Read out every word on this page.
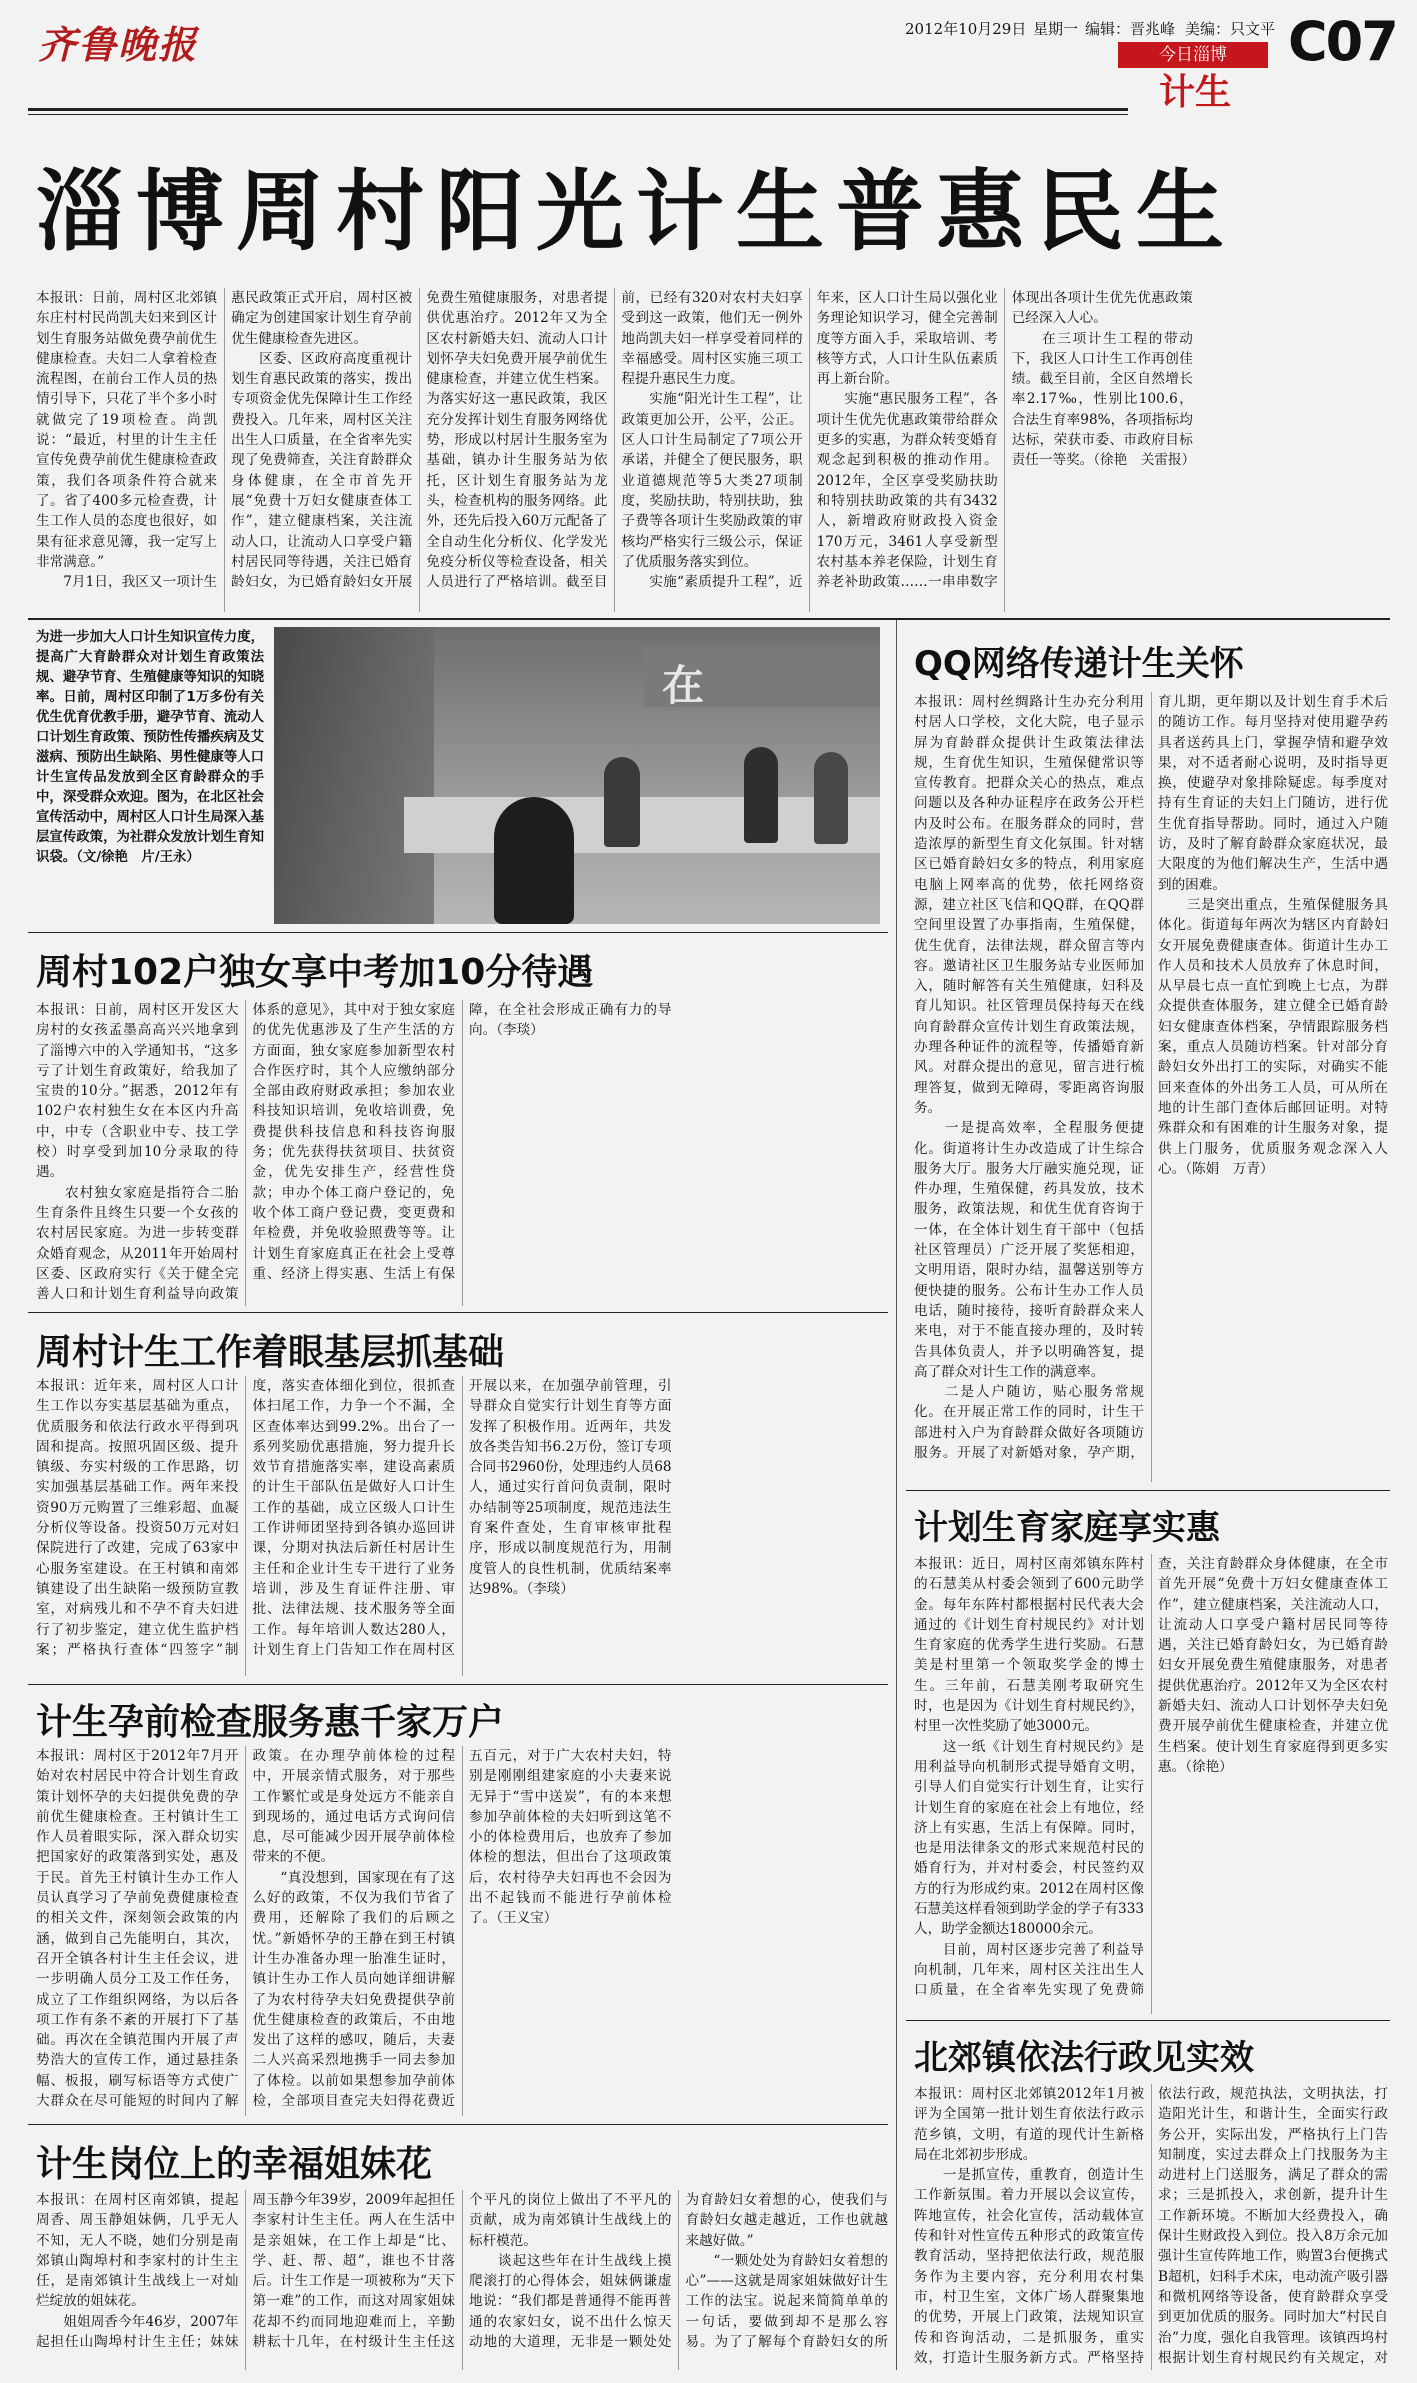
齐鲁晚报	2012年10月29日 星期一 编辑：晋兆峰 美编：只文平
今日淄博
计生
C07
淄博周村阳光计生普惠民生
本报讯：日前，周村区北郊镇东庄村村民尚凯夫妇来到区计划生育服务站做免费孕前优生健康检查。夫妇二人拿着检查流程图，在前台工作人员的热情引导下，只花了半个多小时就做完了19项检查。尚凯说：“最近，村里的计生主任宣传免费孕前优生健康检查政策，我们各项条件符合就来了。省了400多元检查费，计生工作人员的态度也很好，如果有征求意见簿，我一定写上非常满意。”
　　7月1日，我区又一项计生惠民政策正式开启，周村区被确定为创建国家计划生育孕前优生健康检查先进区。
　　区委、区政府高度重视计划生育惠民政策的落实，拨出专项资金优先保障计生工作经费投入。几年来，周村区关注出生人口质量，在全省率先实现了免费筛查，关注育龄群众身体健康，在全市首先开展“免费十万妇女健康查体工作”，建立健康档案，关注流动人口，让流动人口享受户籍村居民同等待遇，关注已婚育龄妇女，为已婚育龄妇女开展免费生殖健康服务，对患者提供优惠治疗。2012年又为全区农村新婚夫妇、流动人口计划怀孕夫妇免费开展孕前优生健康检查，并建立优生档案。为落实好这一惠民政策，我区充分发挥计划生育服务网络优势，形成以村居计生服务室为基础，镇办计生服务站为依托，区计划生育服务站为龙头，检查机构的服务网络。此外，还先后投入60万元配备了全自动生化分析仪、化学发光免疫分析仪等检查设备，相关人员进行了严格培训。截至目前，已经有320对农村夫妇享受到这一政策，他们无一例外地尚凯夫妇一样享受着同样的幸福感受。周村区实施三项工程提升惠民生力度。
　　实施“阳光计生工程”，让政策更加公开，公平，公正。区人口计生局制定了7项公开承诺，并健全了便民服务，职业道德规范等5大类27项制度，奖励扶助，特别扶助，独子费等各项计生奖励政策的审核均严格实行三级公示，保证了优质服务落实到位。
　　实施“素质提升工程”，近年来，区人口计生局以强化业务理论知识学习，健全完善制度等方面入手，采取培训、考核等方式，人口计生队伍素质再上新台阶。
　　实施“惠民服务工程”，各项计生优先优惠政策带给群众更多的实惠，为群众转变婚育观念起到积极的推动作用。2012年，全区享受奖励扶助和特别扶助政策的共有3432人，新增政府财政投入资金170万元，3461人享受新型农村基本养老保险，计划生育养老补助政策……一串串数字体现出各项计生优先优惠政策已经深入人心。
　　在三项计生工程的带动下，我区人口计生工作再创佳绩。截至目前，全区自然增长率2.17‰，性别比100.6，合法生育率98%，各项指标均达标，荣获市委、市政府目标责任一等奖。（徐艳　关雷报）
为进一步加大人口计生知识宣传力度，提高广大育龄群众对计划生育政策法规、避孕节育、生殖健康等知识的知晓率。日前，周村区印制了1万多份有关优生优育优教手册，避孕节育、流动人口计划生育政策、预防性传播疾病及艾滋病、预防出生缺陷、男性健康等人口计生宣传品发放到全区育龄群众的手中，深受群众欢迎。图为，在北区社会宣传活动中，周村区人口计生局深入基层宣传政策，为社群众发放计划生育知识袋。（文/徐艳　片/王永）
在
周村102户独女享中考加10分待遇
本报讯：日前，周村区开发区大房村的女孩孟墨高高兴兴地拿到了淄博六中的入学通知书，“这多亏了计划生育政策好，给我加了宝贵的10分。”据悉，2012年有102户农村独生女在本区内升高中，中专（含职业中专、技工学校）时享受到加10分录取的待遇。
　　农村独女家庭是指符合二胎生育条件且终生只要一个女孩的农村居民家庭。为进一步转变群众婚育观念，从2011年开始周村区委、区政府实行《关于健全完善人口和计划生育利益导向政策体系的意见》，其中对于独女家庭的优先优惠涉及了生产生活的方方面面，独女家庭参加新型农村合作医疗时，其个人应缴纳部分全部由政府财政承担；参加农业科技知识培训，免收培训费，免费提供科技信息和科技咨询服务；优先获得扶贫项目、扶贫资金，优先安排生产，经营性贷款；申办个体工商户登记的，免收个体工商户登记费，变更费和年检费，并免收验照费等等。让计划生育家庭真正在社会上受尊重、经济上得实惠、生活上有保障，在全社会形成正确有力的导向。（李琰）
周村计生工作着眼基层抓基础
本报讯：近年来，周村区人口计生工作以夯实基层基础为重点，优质服务和依法行政水平得到巩固和提高。按照巩固区级、提升镇级、夯实村级的工作思路，切实加强基层基础工作。两年来投资90万元购置了三维彩超、血凝分析仪等设备。投资50万元对妇保院进行了改建，完成了63家中心服务室建设。在王村镇和南郊镇建设了出生缺陷一级预防宣教室，对病残儿和不孕不育夫妇进行了初步鉴定，建立优生监护档案；严格执行查体“四签字”制度，落实查体细化到位，很抓查体扫尾工作，力争一个不漏，全区查体率达到99.2%。出台了一系列奖励优惠措施，努力提升长效节育措施落实率，建设高素质的计生干部队伍是做好人口计生工作的基础，成立区级人口计生工作讲师团坚持到各镇办巡回讲课，分期对执法后新任村居计生主任和企业计生专干进行了业务培训，涉及生育证件注册、审批、法律法规、技术服务等全面工作。每年培训人数达280人，计划生育上门告知工作在周村区开展以来，在加强孕前管理，引导群众自觉实行计划生育等方面发挥了积极作用。近两年，共发放各类告知书6.2万份，签订专项合同书2960份，处理违约人员68人，通过实行首问负责制，限时办结制等25项制度，规范违法生育案件查处，生育审核审批程序，形成以制度规范行为，用制度管人的良性机制，优质结案率达98%。（李琰）
计生孕前检查服务惠千家万户
本报讯：周村区于2012年7月开始对农村居民中符合计划生育政策计划怀孕的夫妇提供免费的孕前优生健康检查。王村镇计生工作人员着眼实际，深入群众切实把国家好的政策落到实处，惠及于民。首先王村镇计生办工作人员认真学习了孕前免费健康检查的相关文件，深刻领会政策的内涵，做到自己先能明白，其次，召开全镇各村计生主任会议，进一步明确人员分工及工作任务，成立了工作组织网络，为以后各项工作有条不紊的开展打下了基础。再次在全镇范围内开展了声势浩大的宣传工作，通过悬挂条幅、板报，刷写标语等方式使广大群众在尽可能短的时间内了解政策。在办理孕前体检的过程中，开展亲情式服务，对于那些工作繁忙或是身处远方不能亲自到现场的，通过电话方式询问信息，尽可能减少因开展孕前体检带来的不便。
　　“真没想到，国家现在有了这么好的政策，不仅为我们节省了费用，还解除了我们的后顾之忧。”新婚怀孕的王静在到王村镇计生办准备办理一胎准生证时，镇计生办工作人员向她详细讲解了为农村待孕夫妇免费提供孕前优生健康检查的政策后，不由地发出了这样的感叹，随后，夫妻二人兴高采烈地携手一同去参加了体检。以前如果想参加孕前体检，全部项目查完夫妇得花费近五百元，对于广大农村夫妇，特别是刚刚组建家庭的小夫妻来说无异于“雪中送炭”，有的本来想参加孕前体检的夫妇听到这笔不小的体检费用后，也放弃了参加体检的想法，但出台了这项政策后，农村待孕夫妇再也不会因为出不起钱而不能进行孕前体检了。（王义宝）
计生岗位上的幸福姐妹花
本报讯：在周村区南郊镇，提起周香、周玉静姐妹俩，几乎无人不知，无人不晓，她们分别是南郊镇山陶埠村和李家村的计生主任，是南郊镇计生战线上一对灿烂绽放的姐妹花。
　　姐姐周香今年46岁，2007年起担任山陶埠村计生主任；妹妹周玉静今年39岁，2009年起担任李家村计生主任。两人在生活中是亲姐妹，在工作上却是“比、学、赶、帮、超”，谁也不甘落后。计生工作是一项被称为“天下第一难”的工作，而这对周家姐妹花却不约而同地迎难而上，辛勤耕耘十几年，在村级计生主任这个平凡的岗位上做出了不平凡的贡献，成为南郊镇计生战线上的标杆模范。
　　谈起这些年在计生战线上摸爬滚打的心得体会，姐妹俩谦虚地说：“我们都是普通得不能再普通的农家妇女，说不出什么惊天动地的大道理，无非是一颗处处为育龄妇女着想的心，使我们与育龄妇女越走越近，工作也就越来越好做。”
　　“一颗处处为育龄妇女着想的心”——这就是周家姐妹做好计生工作的法宝。说起来简简单单的一句话，要做到却不是那么容易。为了了解每个育龄妇女的所

QQ网络传递计生关怀
本报讯：周村丝绸路计生办充分利用村居人口学校，文化大院，电子显示屏为育龄群众提供计生政策法律法规，生育优生知识，生殖保健常识等宣传教育。把群众关心的热点，难点问题以及各种办证程序在政务公开栏内及时公布。在服务群众的同时，营造浓厚的新型生育文化氛围。针对辖区已婚育龄妇女多的特点，利用家庭电脑上网率高的优势，依托网络资源，建立社区飞信和QQ群，在QQ群空间里设置了办事指南，生殖保健，优生优育，法律法规，群众留言等内容。邀请社区卫生服务站专业医师加入，随时解答有关生殖健康，妇科及育儿知识。社区管理员保持每天在线向育龄群众宣传计划生育政策法规，办理各种证件的流程等，传播婚育新风。对群众提出的意见，留言进行梳理答复，做到无障碍，零距离咨询服务。
　　一是提高效率，全程服务便捷化。街道将计生办改造成了计生综合服务大厅。服务大厅融实施兑现，证件办理，生殖保健，药具发放，技术服务，政策法规，和优生优育咨询于一体，在全体计划生育干部中（包括社区管理员）广泛开展了奖惩相迎，文明用语，限时办结，温馨送别等方便快捷的服务。公布计生办工作人员电话，随时接待，接听育龄群众来人来电，对于不能直接办理的，及时转告具体负责人，并予以明确答复，提高了群众对计生工作的满意率。
　　二是人户随访，贴心服务常规化。在开展正常工作的同时，计生干部进村入户为育龄群众做好各项随访服务。开展了对新婚对象，孕产期，育儿期，更年期以及计划生育手术后的随访工作。每月坚持对使用避孕药具者送药具上门，掌握孕情和避孕效果，对不适者耐心说明，及时指导更换，使避孕对象排除疑虑。每季度对持有生育证的夫妇上门随访，进行优生优育指导帮助。同时，通过入户随访，及时了解育龄群众家庭状况，最大限度的为他们解决生产，生活中遇到的困难。
　　三是突出重点，生殖保健服务具体化。街道每年两次为辖区内育龄妇女开展免费健康查体。街道计生办工作人员和技术人员放弃了休息时间，从早晨七点一直忙到晚上七点，为群众提供查体服务，建立健全已婚育龄妇女健康查体档案，孕情跟踪服务档案，重点人员随访档案。针对部分育龄妇女外出打工的实际，对确实不能回来查体的外出务工人员，可从所在地的计生部门查体后邮回证明。对特殊群众和有困难的计生服务对象，提供上门服务，优质服务观念深入人心。（陈娟　万青）
计划生育家庭享实惠
本报讯：近日，周村区南郊镇东阵村的石慧美从村委会领到了600元助学金。每年东阵村都根据村民代表大会通过的《计划生育村规民约》对计划生育家庭的优秀学生进行奖励。石慧美是村里第一个领取奖学金的博士生。三年前，石慧美刚考取研究生时，也是因为《计划生育村规民约》，村里一次性奖励了她3000元。
　　这一纸《计划生育村规民约》是用利益导向机制形式提导婚育文明，引导人们自觉实行计划生育，让实行计划生育的家庭在社会上有地位，经济上有实惠，生活上有保障。同时，也是用法律条文的形式来规范村民的婚育行为，并对村委会，村民签约双方的行为形成约束。2012在周村区像石慧美这样看领到助学金的学子有333人，助学金额达180000余元。
　　目前，周村区逐步完善了利益导向机制，几年来，周村区关注出生人口质量，在全省率先实现了免费筛查，关注育龄群众身体健康，在全市首先开展“免费十万妇女健康查体工作”，建立健康档案，关注流动人口，让流动人口享受户籍村居民同等待遇，关注已婚育龄妇女，为已婚育龄妇女开展免费生殖健康服务，对患者提供优惠治疗。2012年又为全区农村新婚夫妇、流动人口计划怀孕夫妇免费开展孕前优生健康检查，并建立优生档案。使计划生育家庭得到更多实惠。（徐艳）
北郊镇依法行政见实效
本报讯：周村区北郊镇2012年1月被评为全国第一批计划生育依法行政示范乡镇，文明，有道的现代计生新格局在北郊初步形成。
　　一是抓宣传，重教育，创造计生工作新氛围。着力开展以会议宣传，阵地宣传，社会化宣传，活动载体宣传和针对性宣传五种形式的政策宣传教育活动，坚持把依法行政，规范服务作为主要内容，充分利用农村集市，村卫生室，文体广场人群聚集地的优势，开展上门政策，法规知识宣传和咨询活动，二是抓服务，重实效，打造计生服务新方式。严格坚持依法行政，规范执法，文明执法，打造阳光计生，和谐计生，全面实行政务公开，实际出发，严格执行上门告知制度，实过去群众上门找服务为主动进村上门送服务，满足了群众的需求；三是抓投入，求创新，提升计生工作新环境。不断加大经费投入，确保计生财政投入到位。投入8万余元加强计生宣传阵地工作，购置3台便携式B超机，妇科手术床，电动流产吸引器和微机网络等设备，使育龄群众享受到更加优质的服务。同时加大“村民自治”力度，强化自我管理。该镇西坞村根据计划生育村规民约有关规定，对
